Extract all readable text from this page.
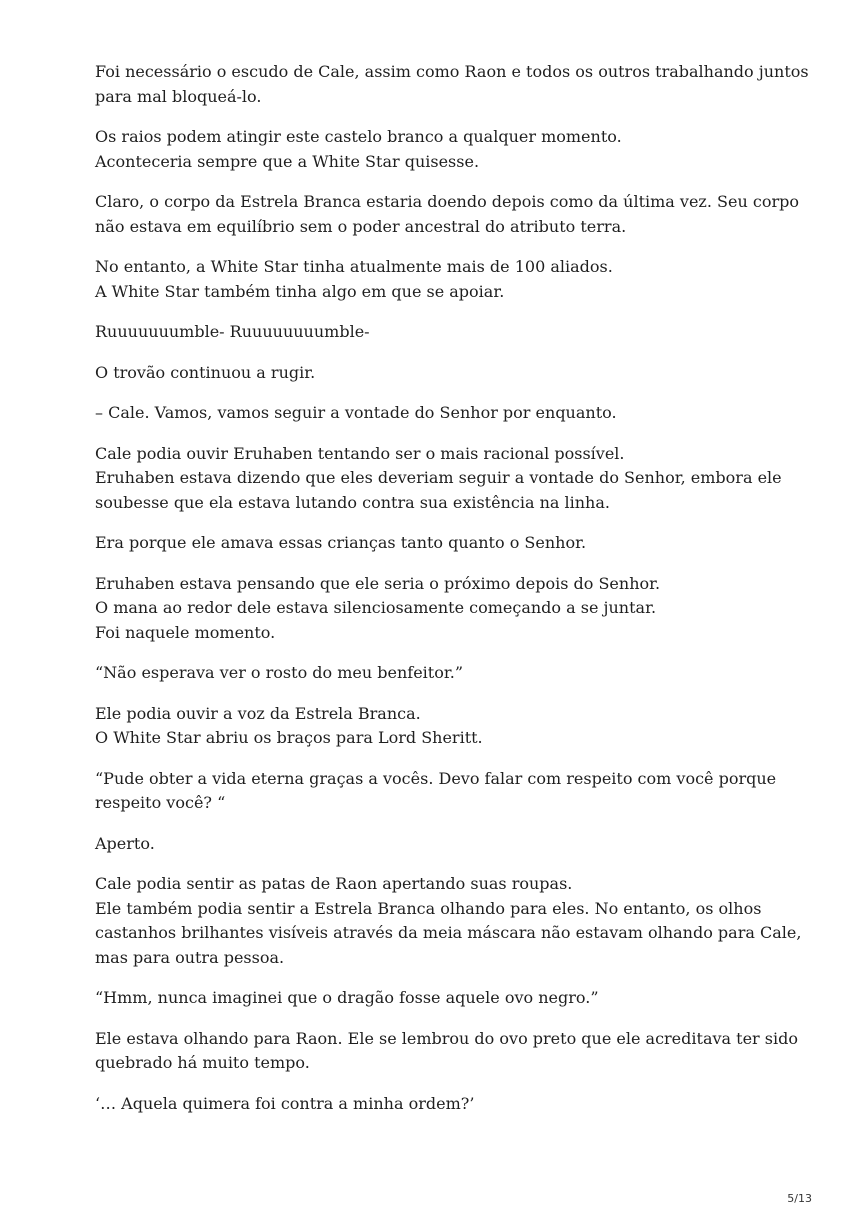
Foi necessário o escudo de Cale, assim como Raon e todos os outros trabalhando juntos
para mal bloqueá-lo.

Os raios podem atingir este castelo branco a qualquer momento.
Aconteceria sempre que a White Star quisesse.

Claro, o corpo da Estrela Branca estaria doendo depois como da última vez. Seu corpo
não estava em equilíbrio sem o poder ancestral do atributo terra.

No entanto, a White Star tinha atualmente mais de 100 aliados.
A White Star também tinha algo em que se apoiar.

Ruuuuuuumble- Ruuuuuuuumble-

O trovão continuou a rugir.

– Cale. Vamos, vamos seguir a vontade do Senhor por enquanto.

Cale podia ouvir Eruhaben tentando ser o mais racional possível.
Eruhaben estava dizendo que eles deveriam seguir a vontade do Senhor, embora ele
soubesse que ela estava lutando contra sua existência na linha.

Era porque ele amava essas crianças tanto quanto o Senhor.

Eruhaben estava pensando que ele seria o próximo depois do Senhor.
O mana ao redor dele estava silenciosamente começando a se juntar.
Foi naquele momento.

“Não esperava ver o rosto do meu benfeitor.”

Ele podia ouvir a voz da Estrela Branca.
O White Star abriu os braços para Lord Sheritt.

“Pude obter a vida eterna graças a vocês. Devo falar com respeito com você porque
respeito você? “

Aperto.

Cale podia sentir as patas de Raon apertando suas roupas.
Ele também podia sentir a Estrela Branca olhando para eles. No entanto, os olhos
castanhos brilhantes visíveis através da meia máscara não estavam olhando para Cale,
mas para outra pessoa.

“Hmm, nunca imaginei que o dragão fosse aquele ovo negro.”

Ele estava olhando para Raon. Ele se lembrou do ovo preto que ele acreditava ter sido
quebrado há muito tempo.

‘… Aquela quimera foi contra a minha ordem?’

5/13
